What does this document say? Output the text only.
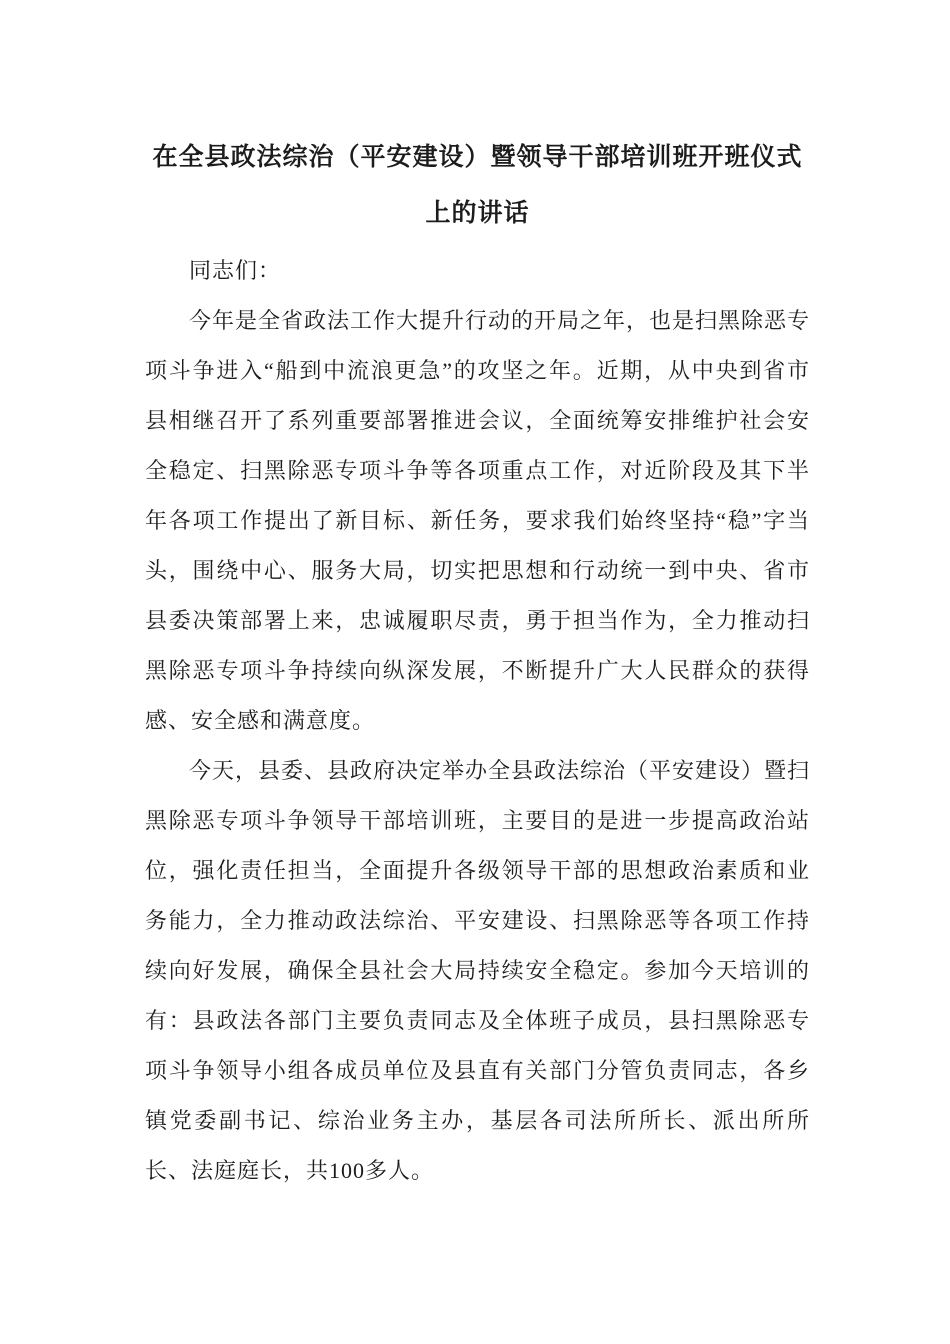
在全县政法综治（平安建设）暨领导干部培训班开班仪式
上的讲话

同志们：

今年是全省政法工作大提升行动的开局之年，也是扫黑除恶专项斗争进入“船到中流浪更急”的攻坚之年。近期，从中央到省市县相继召开了系列重要部署推进会议，全面统筹安排维护社会安全稳定、扫黑除恶专项斗争等各项重点工作，对近阶段及其下半年各项工作提出了新目标、新任务，要求我们始终坚持“稳”字当头，围绕中心、服务大局，切实把思想和行动统一到中央、省市县委决策部署上来，忠诚履职尽责，勇于担当作为，全力推动扫黑除恶专项斗争持续向纵深发展，不断提升广大人民群众的获得感、安全感和满意度。

今天，县委、县政府决定举办全县政法综治（平安建设）暨扫黑除恶专项斗争领导干部培训班，主要目的是进一步提高政治站位，强化责任担当，全面提升各级领导干部的思想政治素质和业务能力，全力推动政法综治、平安建设、扫黑除恶等各项工作持续向好发展，确保全县社会大局持续安全稳定。参加今天培训的有：县政法各部门主要负责同志及全体班子成员，县扫黑除恶专项斗争领导小组各成员单位及县直有关部门分管负责同志，各乡镇党委副书记、综治业务主办，基层各司法所所长、派出所所长、法庭庭长，共100多人。
